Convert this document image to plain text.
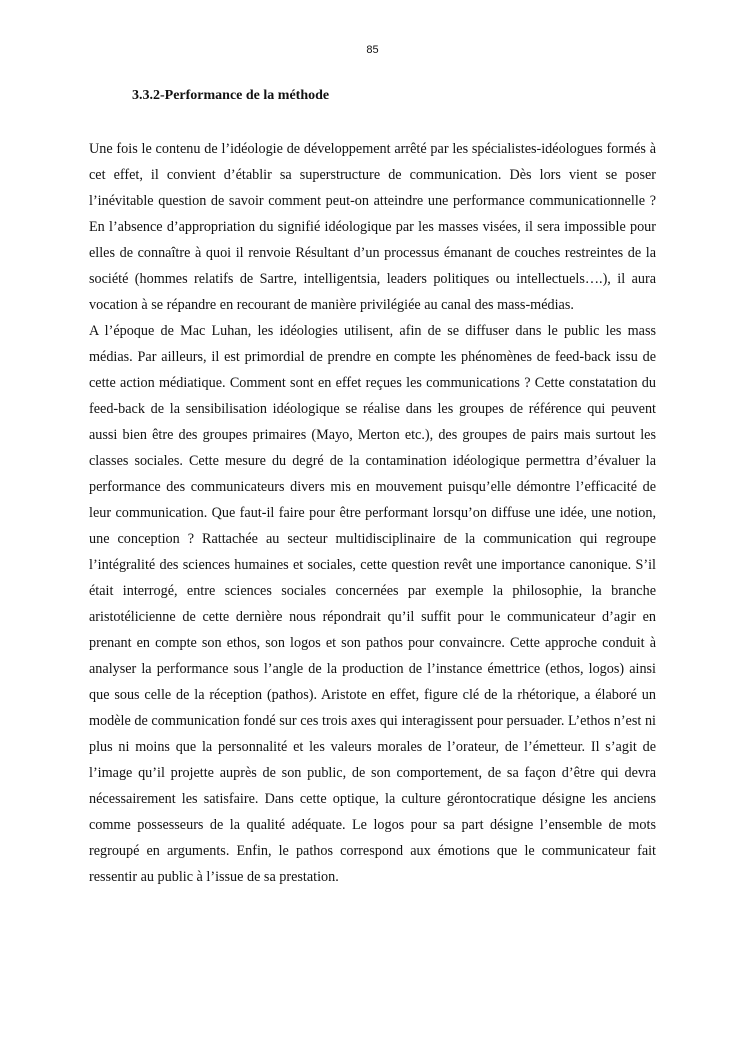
85
3.3.2-Performance de la méthode

Une fois le contenu de l’idéologie de développement arrêté par les spécialistes-idéologues formés à cet effet, il convient d’établir sa superstructure de communication. Dès lors vient se poser l’inévitable question de savoir comment peut-on atteindre une performance communicationnelle ? En l’absence d’appropriation du signifié idéologique par les masses visées, il sera impossible pour elles de connaître à quoi il renvoie Résultant d’un processus émanant de couches restreintes de la société (hommes relatifs de Sartre, intelligentsia, leaders politiques ou intellectuels….), il aura vocation à se répandre en recourant de manière privilégiée au canal des mass-médias.

A l’époque de Mac Luhan, les idéologies utilisent, afin de se diffuser dans le public les mass médias. Par ailleurs, il est primordial de prendre en compte les phénomènes de feed-back issu de cette action médiatique. Comment sont en effet reçues les communications ? Cette constatation du feed-back de la sensibilisation idéologique se réalise dans les groupes de référence qui peuvent aussi bien être des groupes primaires (Mayo, Merton etc.), des groupes de pairs mais surtout les classes sociales. Cette mesure du degré de la contamination idéologique permettra d’évaluer la performance des communicateurs divers mis en mouvement puisqu’elle démontre l’efficacité de leur communication. Que faut-il faire pour être performant lorsqu’on diffuse une idée, une notion, une conception ? Rattachée au secteur multidisciplinaire de la communication qui regroupe l’intégralité des sciences humaines et sociales, cette question revêt une importance canonique. S’il était interrogé, entre sciences sociales concernées par exemple la philosophie, la branche aristotélicienne de cette dernière nous répondrait qu’il suffit pour le communicateur d’agir en prenant en compte son ethos, son logos et son pathos pour convaincre. Cette approche conduit à analyser la performance sous l’angle de la production de l’instance émettrice (ethos, logos) ainsi que sous celle de la réception (pathos). Aristote en effet, figure clé de la rhétorique, a élaboré un modèle de communication fondé sur ces trois axes qui interagissent pour persuader. L’ethos n’est ni plus ni moins que la personnalité et les valeurs morales de l’orateur, de l’émetteur. Il s’agit de l’image qu’il projette auprès de son public, de son comportement, de sa façon d’être qui devra nécessairement les satisfaire. Dans cette optique, la culture gérontocratique désigne les anciens comme possesseurs de la qualité adéquate. Le logos pour sa part désigne l’ensemble de mots regroupé en arguments. Enfin, le pathos correspond aux émotions que le communicateur fait ressentir au public à l’issue de sa prestation.
